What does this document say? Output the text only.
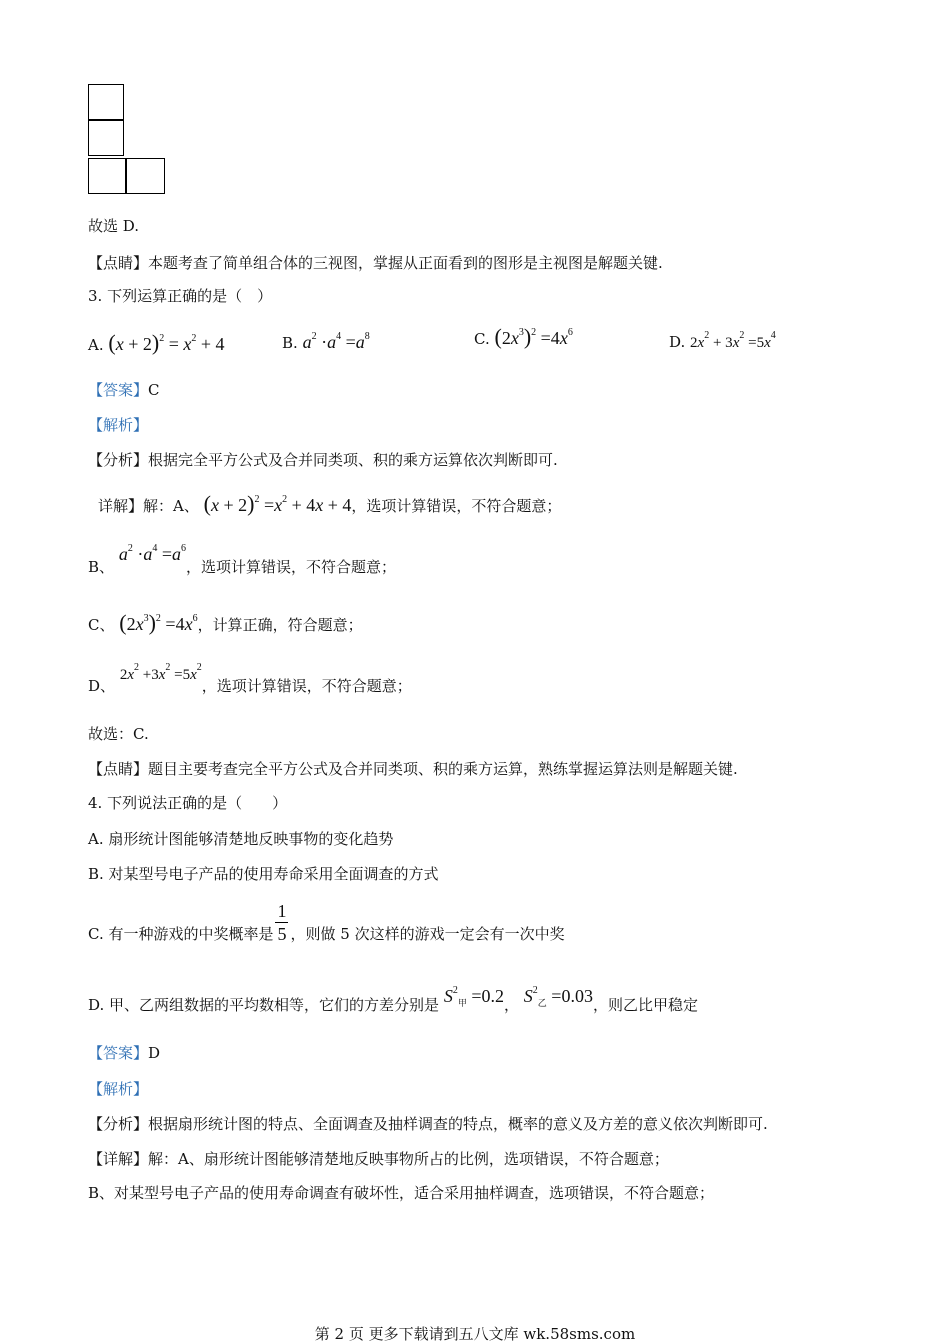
故选 D.
【点睛】本题考查了简单组合体的三视图，掌握从正面看到的图形是主视图是解题关键.
3. 下列运算正确的是（　）
A. $(x + 2)^2 = x^2 + 4$	B. $a^2 \cdot a^4 =a^8$	C. $(2x^3)^2 =4x^6$
D. $2x^2 + 3x^2 =5x^4$
【答案】C
【解析】
【分析】根据完全平方公式及合并同类项、积的乘方运算依次判断即可.
详解】解：A、 $(x + 2)^2 =x^2 + 4x + 4$，选项计算错误，不符合题意；
B、 $a^2 \cdot a^4 =a^6$，选项计算错误，不符合题意；
C、 $(2x^3)^2 =4x^6$，计算正确，符合题意；
D、 $2x^2 +3x^2 =5x^2$，选项计算错误，不符合题意；
故选：C.
【点睛】题目主要考查完全平方公式及合并同类项、积的乘方运算，熟练掌握运算法则是解题关键.
4. 下列说法正确的是（　　）
A. 扇形统计图能够清楚地反映事物的变化趋势
B. 对某型号电子产品的使用寿命采用全面调查的方式
C. 有一种游戏的中奖概率是 $\frac{1}{5}$ ，则做 5 次这样的游戏一定会有一次中奖
D. 甲、乙两组数据的平均数相等，它们的方差分别是 $S^2_甲 =0.2$， $S^2_乙 =0.03$，则乙比甲稳定
【答案】D
【解析】
【分析】根据扇形统计图的特点、全面调查及抽样调查的特点，概率的意义及方差的意义依次判断即可.
【详解】解：A、扇形统计图能够清楚地反映事物所占的比例，选项错误，不符合题意；
B、对某型号电子产品的使用寿命调查有破坏性，适合采用抽样调查，选项错误，不符合题意；
第 2 页 更多下载请到五八文库 wk.58sms.com
